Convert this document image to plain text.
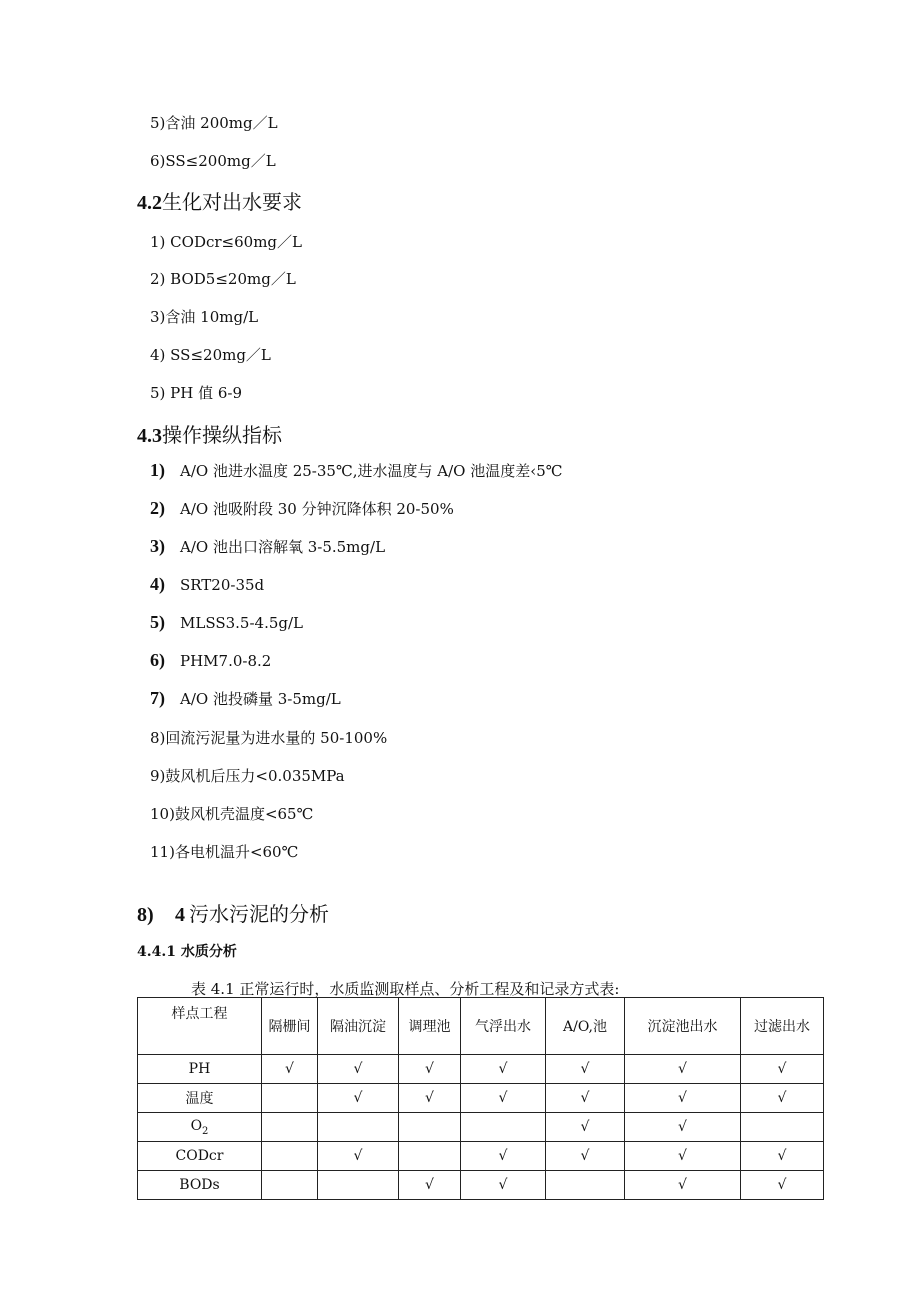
5)含油 200mg／L
6)SS≤200mg／L
4.2生化对出水要求
1) CODcr≤60mg／L
2) BOD5≤20mg／L
3)含油 10mg/L
4) SS≤20mg／L
5) PH 值 6-9
4.3操作操纵指标
1) A/O 池进水温度 25-35℃,进水温度与 A/O 池温度差‹5℃
2) A/O 池吸附段 30 分钟沉降体积 20-50%
3) A/O 池出口溶解氧 3-5.5mg/L
4) SRT20-35d
5) MLSS3.5-4.5g/L
6) PHM7.0-8.2
7) A/O 池投磷量 3-5mg/L
8)回流污泥量为进水量的 50-100%
9)鼓风机后压力<0.035MPa
10)鼓风机壳温度<65℃
11)各电机温升<60℃
8) 4 污水污泥的分析
4.4.1 水质分析
表 4.1 正常运行时，水质监测取样点、分析工程及和记录方式表:
样点工程	隔栅间	隔油沉淀	调理池	气浮出水	A/O,池	沉淀池出水	过滤出水
PH	√	√	√	√	√	√	√
温度		√	√	√	√	√	√
$O_2$					√	√	
CODcr		√		√	√	√	√
BODs			√	√		√	√
